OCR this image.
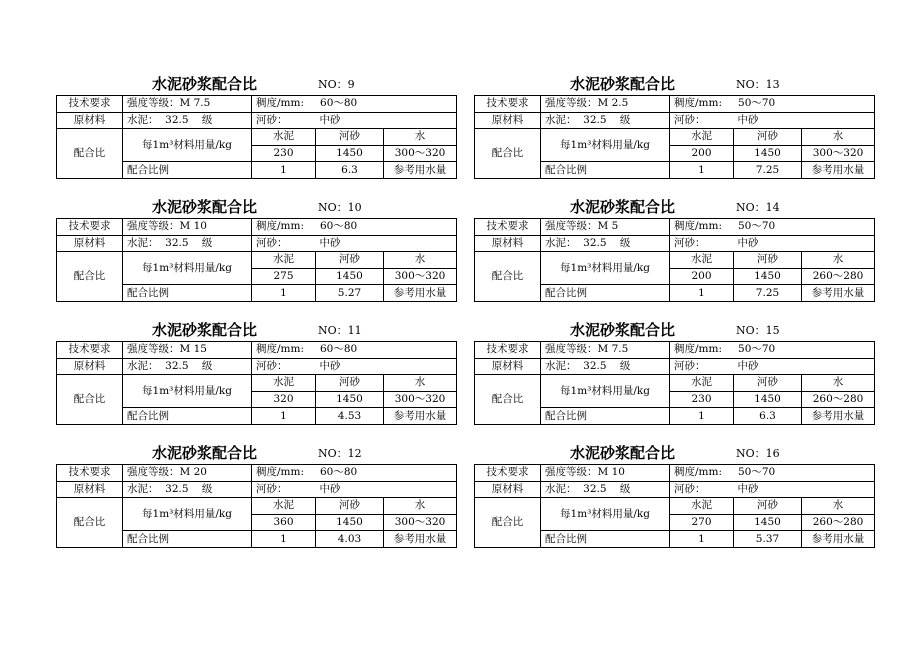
水泥砂浆配合比	NO：9
技术要求	强度等级：M 7.5	稠度/mm: 60～80		
原材料	水泥：  32.5    级	河砂： 中砂		
配合比	每1m³材料用量/kg	水泥	河砂	水
		230	1450	300～320
	配合比例	1	6.3	参考用水量
水泥砂浆配合比	NO：13
技术要求	强度等级：M 2.5	稠度/mm: 50～70		
原材料	水泥：  32.5    级	河砂： 中砂		
配合比	每1m³材料用量/kg	水泥	河砂	水
		200	1450	300～320
	配合比例	1	7.25	参考用水量
水泥砂浆配合比	NO：10
技术要求	强度等级：M 10	稠度/mm: 60～80		
原材料	水泥：  32.5    级	河砂： 中砂		
配合比	每1m³材料用量/kg	水泥	河砂	水
		275	1450	300～320
	配合比例	1	5.27	参考用水量
水泥砂浆配合比	NO：14
技术要求	强度等级：M 5	稠度/mm: 50～70		
原材料	水泥：  32.5    级	河砂： 中砂		
配合比	每1m³材料用量/kg	水泥	河砂	水
		200	1450	260～280
	配合比例	1	7.25	参考用水量
水泥砂浆配合比	NO：11
技术要求	强度等级：M 15	稠度/mm: 60～80		
原材料	水泥：  32.5    级	河砂： 中砂		
配合比	每1m³材料用量/kg	水泥	河砂	水
		320	1450	300～320
	配合比例	1	4.53	参考用水量
水泥砂浆配合比	NO：15
技术要求	强度等级：M 7.5	稠度/mm: 50～70		
原材料	水泥：  32.5    级	河砂： 中砂		
配合比	每1m³材料用量/kg	水泥	河砂	水
		230	1450	260～280
	配合比例	1	6.3	参考用水量
水泥砂浆配合比	NO：12
技术要求	强度等级：M 20	稠度/mm: 60～80		
原材料	水泥：  32.5    级	河砂： 中砂		
配合比	每1m³材料用量/kg	水泥	河砂	水
		360	1450	300～320
	配合比例	1	4.03	参考用水量
水泥砂浆配合比	NO：16
技术要求	强度等级：M 10	稠度/mm: 50～70		
原材料	水泥：  32.5    级	河砂： 中砂		
配合比	每1m³材料用量/kg	水泥	河砂	水
		270	1450	260～280
	配合比例	1	5.37	参考用水量
